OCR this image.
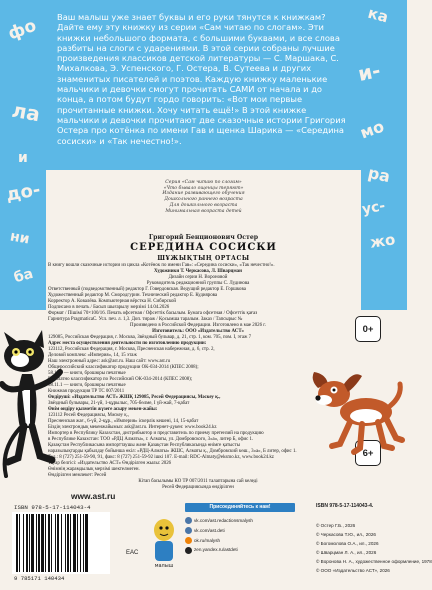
фо
ка
и-
ла
мо
и
до-
ра
ус-
ни	жо
ба
Ваш малыш уже знает буквы и его руки тянутся к книжкам? Дайте ему эту книжку из серии «Сам читаю по слогам». Эти книжки небольшого формата, с большими буквами, и все слова разбиты на слоги с ударениями. В этой серии собраны лучшие произведения классиков детской литературы — С. Маршака, С. Михалкова, Э. Успенского, Г. Остера, В. Сутеева и других знаменитых писателей и поэтов. Каждую книжку маленькие мальчики и девочки смогут прочитать САМИ от начала и до конца, а потом будут гордо говорить: «Вот мои первые прочитанные книжки. Хочу читать ещё!» В этой книжке мальчики и девочки прочитают две сказочные истории Григория Остера про котёнка по имени Гав и щенка Шарика — «Середина сосиски» и «Так нечестно!».
Серия «Сам читаю по слогам»
«Что бывало ощенцы теряют»
Издание развивающего обучения
Дошкольного раннего возраста
Для дошкольного возраста
Минимальная возраста детей
Григорий Бенционович Остер
СЕРЕДИНА СОСИСКИ
ШҰЖЫҚТЫҢ ОРТАСЫ
В книгу вошли сказочные истории из цикла «Котёнок по имени Гав»: «Середина сосиски», «Так нечестно!».
Художники Т. Черкасова, Л. Шварцман
Дизайн серии Н. Вороновой
Руководитель редакционной группы С. Лудинова
Ответственный (подведомственный) редактор Г. Говердовская. Ведущий редактор Е. Горшкова
Художественный редактор М. Смородгурин. Технический редактор Е. Кудиярова
Корректор А. Ковалёва. Компьютерная вёрстка Н. Сибирской
Подписано в печать / Басып шығарылу мерзімі 14.04.2026
Формат / Пішімі 70×100/16. Печать офсетная / Офсеттік басылым. Бумага офсетная / Офсеттік қағаз
Гарнитура PragmaticaC. Усл. печ. л. 1,3. Доп. тираж / Қосымша таралым. Заказ / Тапсырыс №
Произведено в Российской Федерации. Изготовлено в мае 2026 г.
Изготовитель: ООО «Издательство АСТ»
129085, Российская Федерация, г. Москва, Звёздный бульвар, д. 21, стр. 1, ком. 705, пом. I, этаж 7
Адрес места осуществления деятельности по изготовлению продукции:
123112, Российская Федерация, г. Москва, Пресненская набережная, д. 6, стр. 2,
Деловой комплекс «Империя», 14, 15 этаж
Наш электронный адрес: ask@ast.ru. Наш сайт: www.ast.ru
Общероссийский классификатор продукции ОК-034-2014 (КПЕС 2008);
58.11.1 — книги, брошюры печатные
Бесплатно классификатор по Российский ОК-034-2014 (КПЕС 2008);
58.11.1 — книги, брошюры печатные
Книжная продукция ТР ТС 007/2011
Өндіруші: «Издательство АСТ» ЖШҚ 129085, Ресей Федерациясы, Мәскеу қ.,
Звёздный бульвары, 21-үй, 1-құрылыс, 705-бөлме, I үй-жай, 7-қабат
Өнім өндіру қызметін жүзеге асыру мекен-жайы:
123112 Ресей Федерациясы, Мәскеу қ.,
Пресненская жағ., 6-үй, 2-құр., «Империя» іскерлік кешені, 14, 15-қабат
Біздің электрондық мекенжайымыз: ask@ast.ru. Интернет-дүкен: www.book24.kz
Импортер в Республику Казахстан, дистрибьютор и представитель по приему претензий на продукцию
в Республике Казахстан: ТОО «РДЦ Алматы», г. Алматы, ул. Домбровского, 3«а», литер Б, офис 1.
Қазақстан Республикасына импорттаушы және Қазақстан Республикасында өнімге қатысты
наразылықтарды қабылдау бойынша өкіл: «РДЦ-Алматы» ЖШС, Алматы қ., Домбровский көш., 3«а», Б литер, офис 1.
Тел.: 8 (727) 251-59-90, 91, факс: 8 (727) 251-59-92 ішкі 107. E-mail: RDC-Almaty@eksmo.kz, www.book24.kz
Тауар белгісі: «Издательство АСТ» Өндірілген жылы: 2026
Өнімнің жарамдылық мерзімі шектелмеген.
Өндірілген мемлекет: Ресей
Кітап басылымы КО ТР 007/2011 талаптарына сай келеді
Ресей Федерациясында өндірілген
0+
6+
www.ast.ru
ISBN 978-5-17-114043-4
9 785171 140434
EAC
малыш
Присоединяйтесь к нам!
vk.com/ast.redactionsmalysh
vk.com/ast.deti
ok.ru/malysh
zen.yandex.ru/astdeti
ISBN 978-5-17-114043-4.
© Остер Г.Б., 2026
© Черкасова Т.Ю., ил., 2026
© Богомолова О.А., ил., 2026
© Шварцман Л. А., ил., 2026
© Воронова Н. А., художественное оформление, 1978
© ООО «Издательство АСТ», 2026
